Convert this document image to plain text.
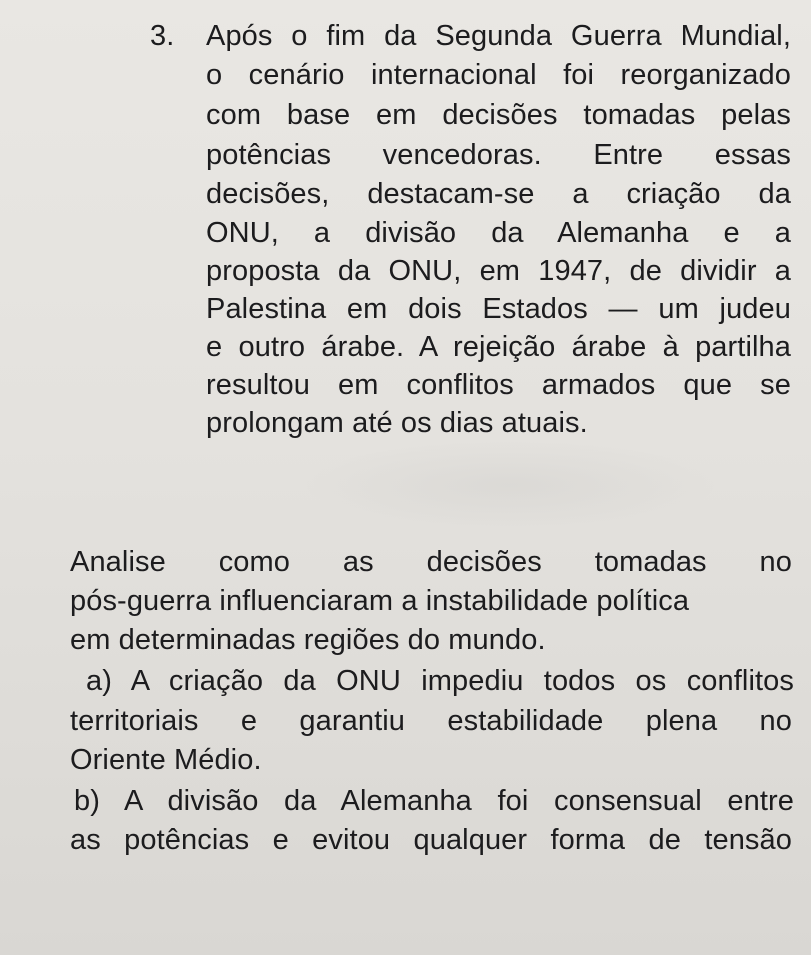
3. Após o fim da Segunda Guerra Mundial,
o cenário internacional foi reorganizado
com base em decisões tomadas pelas
potências vencedoras. Entre essas
decisões, destacam-se a criação da
ONU, a divisão da Alemanha e a
proposta da ONU, em 1947, de dividir a
Palestina em dois Estados — um judeu
e outro árabe. A rejeição árabe à partilha
resultou em conflitos armados que se
prolongam até os dias atuais.
Analise como as decisões tomadas no
pós-guerra influenciaram a instabilidade política
em determinadas regiões do mundo.
a) A criação da ONU impediu todos os conflitos
territoriais e garantiu estabilidade plena no
Oriente Médio.
b) A divisão da Alemanha foi consensual entre
as potências e evitou qualquer forma de tensão
